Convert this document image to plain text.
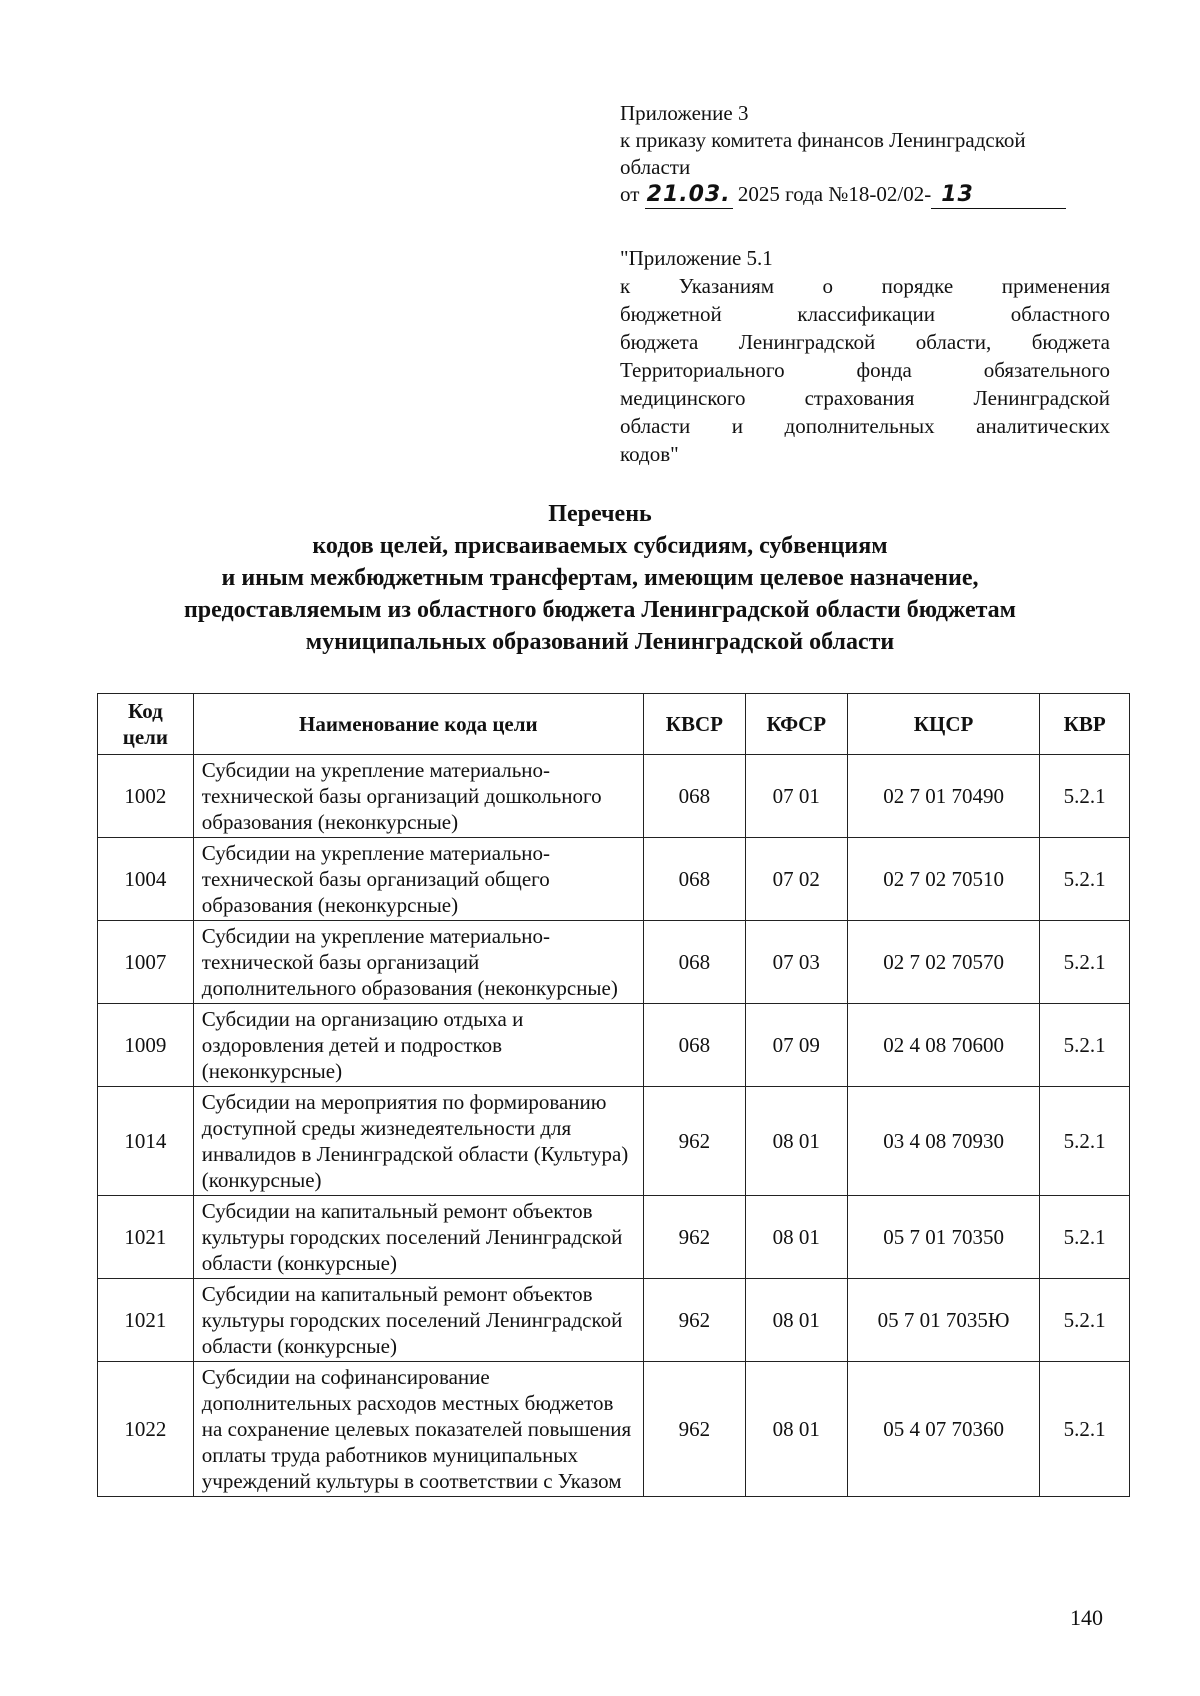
Приложение 3
к приказу комитета финансов Ленинградской
области
от 21.03. 2025 года №18-02/02- 13
"Приложение 5.1
к Указаниям о порядке применения
бюджетной классификации областного
бюджета Ленинградской области, бюджета
Территориального фонда обязательного
медицинского страхования Ленинградской
области и дополнительных аналитических
кодов"
Перечень
кодов целей, присваиваемых субсидиям, субвенциям
и иным межбюджетным трансфертам, имеющим целевое назначение,
предоставляемым из областного бюджета Ленинградской области бюджетам
муниципальных образований Ленинградской области
Код цели	Наименование кода цели	КВСР	КФСР	КЦСР	КВР
1002	Субсидии на укрепление материально-технической базы организаций дошкольного образования (неконкурсные)	068	07 01	02 7 01 70490	5.2.1
1004	Субсидии на укрепление материально-технической базы организаций общего образования (неконкурсные)	068	07 02	02 7 02 70510	5.2.1
1007	Субсидии на укрепление материально-технической базы организаций дополнительного образования (неконкурсные)	068	07 03	02 7 02 70570	5.2.1
1009	Субсидии на организацию отдыха и оздоровления детей и подростков (неконкурсные)	068	07 09	02 4 08 70600	5.2.1
1014	Субсидии на мероприятия по формированию доступной среды жизнедеятельности для инвалидов в Ленинградской области (Культура) (конкурсные)	962	08 01	03 4 08 70930	5.2.1
1021	Субсидии на капитальный ремонт объектов культуры городских поселений Ленинградской области (конкурсные)	962	08 01	05 7 01 70350	5.2.1
1021	Субсидии на капитальный ремонт объектов культуры городских поселений Ленинградской области (конкурсные)	962	08 01	05 7 01 7035Ю	5.2.1
1022	Субсидии на софинансирование дополнительных расходов местных бюджетов на сохранение целевых показателей повышения оплаты труда работников муниципальных учреждений культуры в соответствии с Указом	962	08 01	05 4 07 70360	5.2.1
140
